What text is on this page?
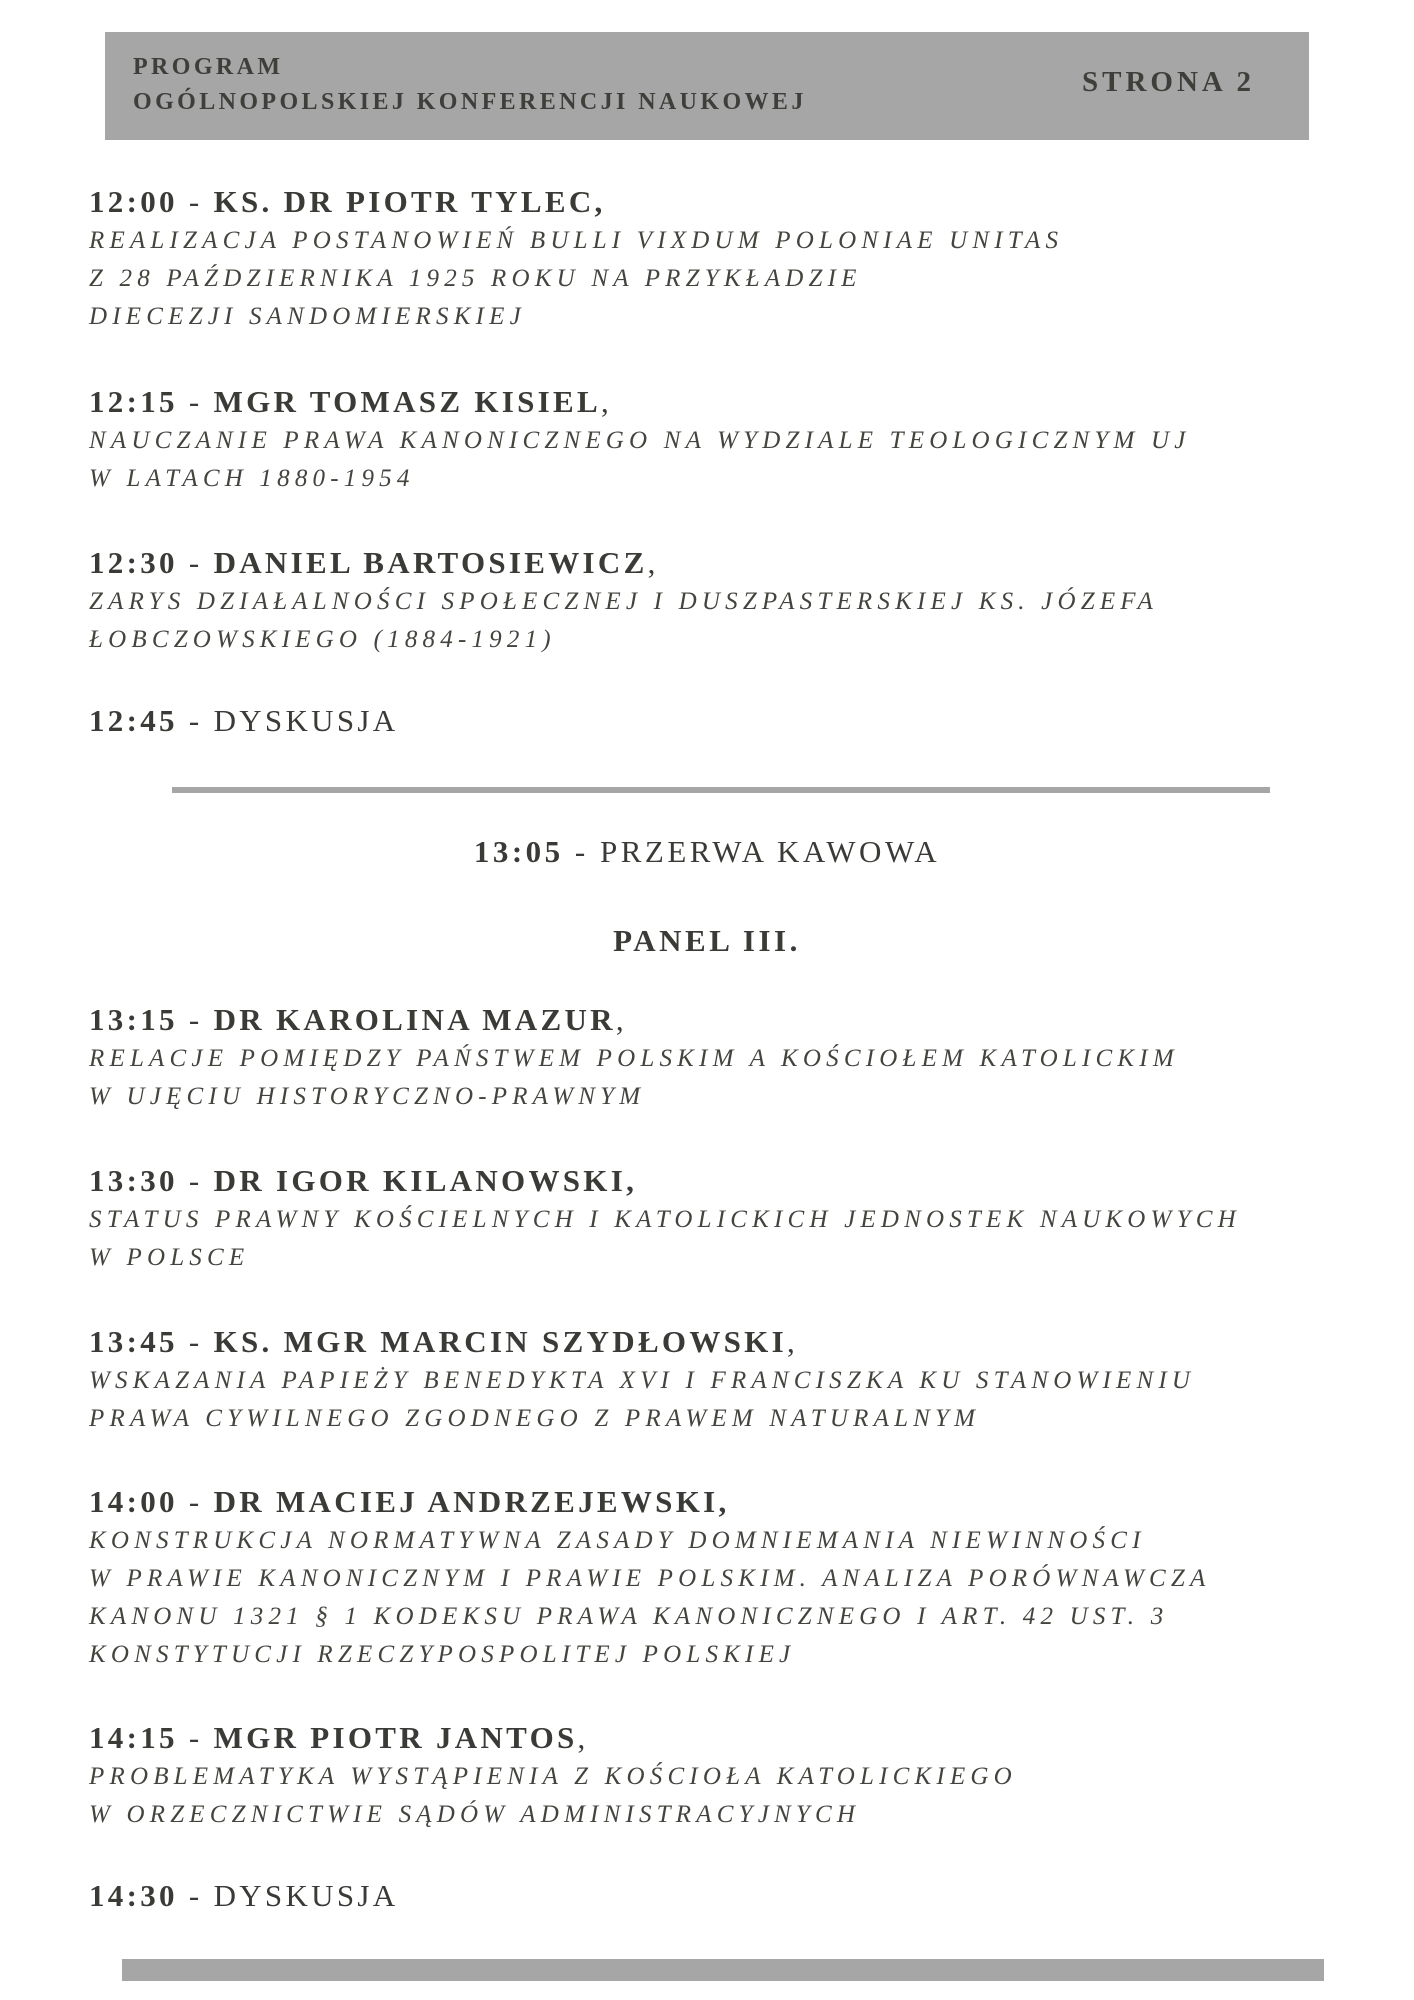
PROGRAM
OGÓLNOPOLSKIEJ KONFERENCJI NAUKOWEJ
STRONA 2
12:00 - KS. DR PIOTR TYLEC,
REALIZACJA POSTANOWIEŃ BULLI VIXDUM POLONIAE UNITAS
Z 28 PAŹDZIERNIKA 1925 ROKU NA PRZYKŁADZIE
DIECEZJI SANDOMIERSKIEJ
12:15 - MGR TOMASZ KISIEL,
NAUCZANIE PRAWA KANONICZNEGO NA WYDZIALE TEOLOGICZNYM UJ
W LATACH 1880-1954
12:30 - DANIEL BARTOSIEWICZ,
ZARYS DZIAŁALNOŚCI SPOŁECZNEJ I DUSZPASTERSKIEJ KS. JÓZEFA
ŁOBCZOWSKIEGO (1884-1921)
12:45 - DYSKUSJA
13:05 - PRZERWA KAWOWA
PANEL III.
13:15 - DR KAROLINA MAZUR,
RELACJE POMIĘDZY PAŃSTWEM POLSKIM A KOŚCIOŁEM KATOLICKIM
W UJĘCIU HISTORYCZNO-PRAWNYM
13:30 - DR IGOR KILANOWSKI,
STATUS PRAWNY KOŚCIELNYCH I KATOLICKICH JEDNOSTEK NAUKOWYCH
W POLSCE
13:45 - KS. MGR MARCIN SZYDŁOWSKI,
WSKAZANIA PAPIEŻY BENEDYKTA XVI I FRANCISZKA KU STANOWIENIU
PRAWA CYWILNEGO ZGODNEGO Z PRAWEM NATURALNYM
14:00 - DR MACIEJ ANDRZEJEWSKI,
KONSTRUKCJA NORMATYWNA ZASADY DOMNIEMANIA NIEWINNOŚCI
W PRAWIE KANONICZNYM I PRAWIE POLSKIM. ANALIZA PORÓWNAWCZA
KANONU 1321 § 1 KODEKSU PRAWA KANONICZNEGO I ART. 42 UST. 3
KONSTYTUCJI RZECZYPOSPOLITEJ POLSKIEJ
14:15 - MGR PIOTR JANTOS,
PROBLEMATYKA WYSTĄPIENIA Z KOŚCIOŁA KATOLICKIEGO
W ORZECZNICTWIE SĄDÓW ADMINISTRACYJNYCH
14:30 - DYSKUSJA
